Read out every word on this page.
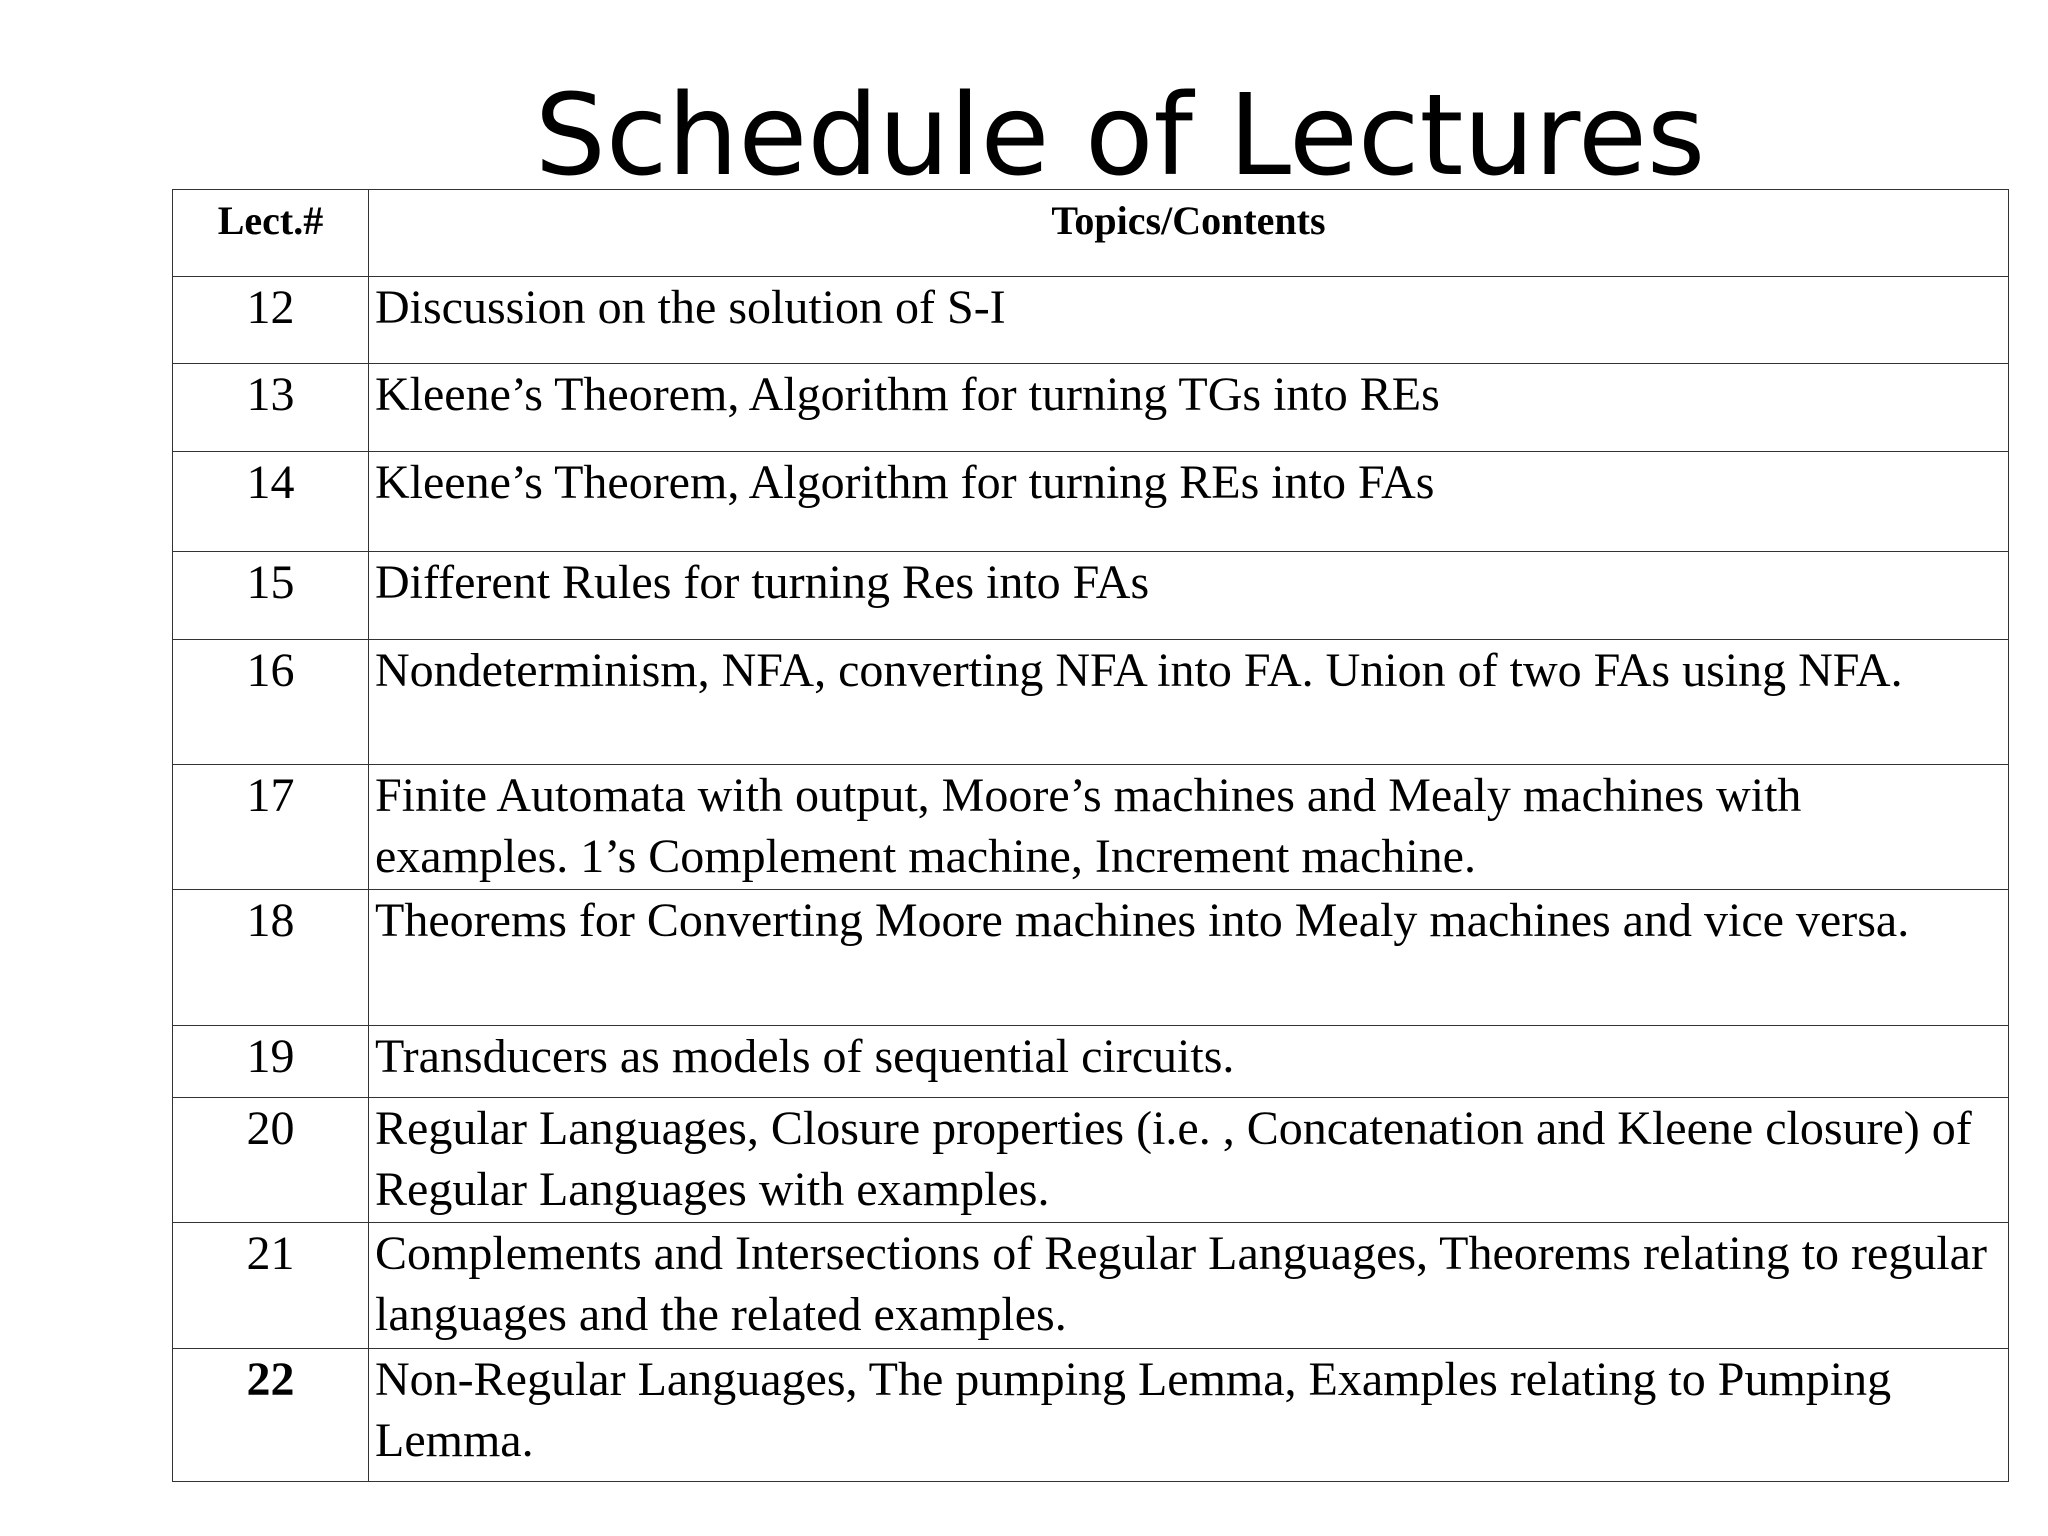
Schedule of Lectures
Lect.#	Topics/Contents
12	Discussion on the solution of S-I
13	Kleene’s Theorem, Algorithm for turning TGs into REs
14	Kleene’s Theorem, Algorithm for turning REs into FAs
15	Different Rules for turning Res into FAs
16	Nondeterminism, NFA, converting NFA into FA. Union of two FAs using NFA.
17	Finite Automata with output, Moore’s machines and Mealy machines with examples. 1’s Complement machine, Increment machine.
18	Theorems for Converting Moore machines into Mealy machines and vice versa.
19	Transducers as models of sequential circuits.
20	Regular Languages, Closure properties (i.e. , Concatenation and Kleene closure) of Regular Languages with examples.
21	Complements and Intersections of Regular Languages, Theorems relating to regular languages and the related examples.
22	Non-Regular Languages, The pumping Lemma, Examples relating to Pumping Lemma.
